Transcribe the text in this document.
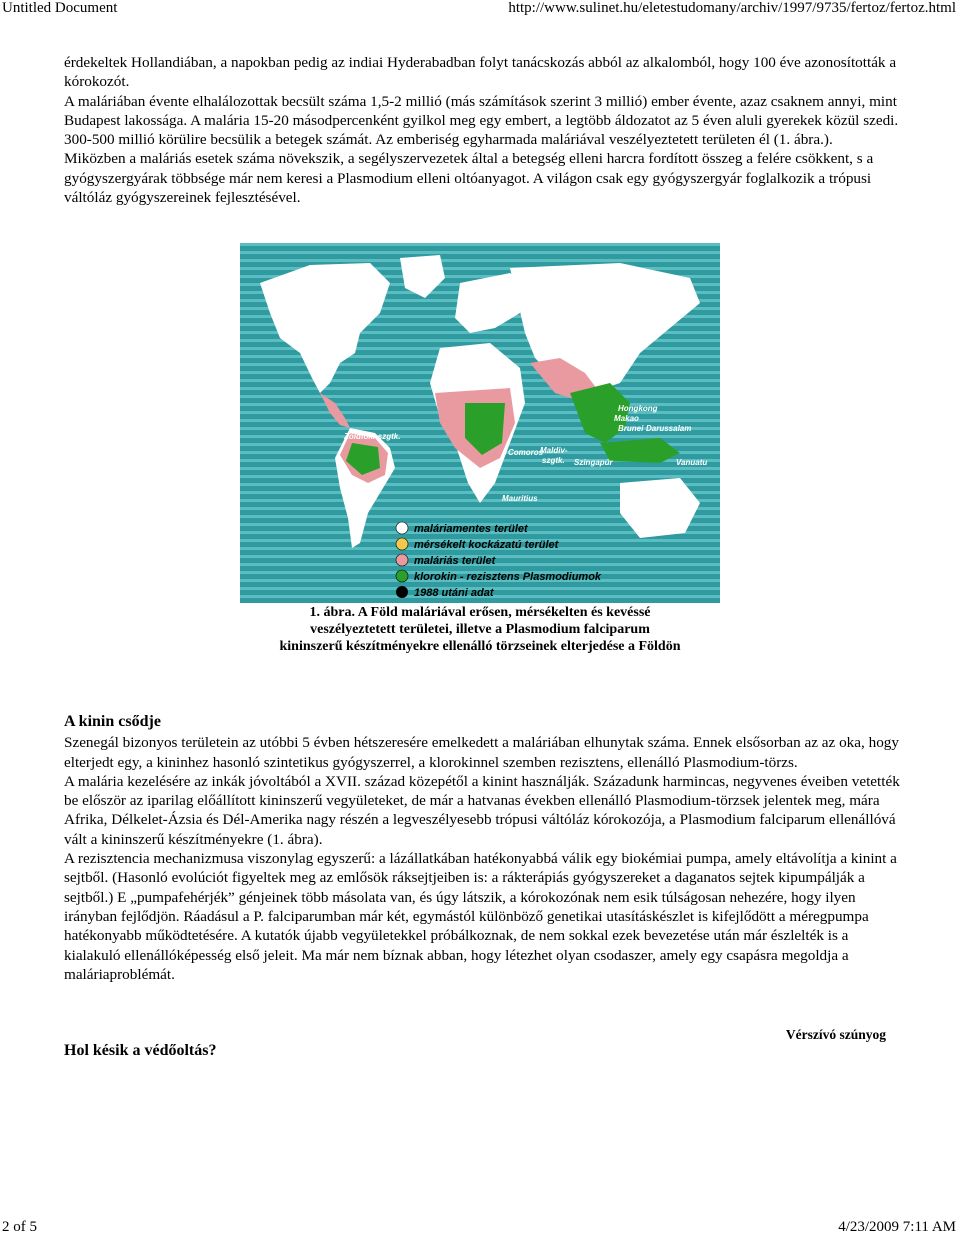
Untitled Document	http://www.sulinet.hu/eletestudomany/archiv/1997/9735/fertoz/fertoz.html

érdekeltek Hollandiában, a napokban pedig az indiai Hyderabadban folyt tanácskozás abból az alkalomból, hogy 100 éve azonosították a kórokozót.

A maláriában évente elhalálozottak becsült száma 1,5-2 millió (más számítások szerint 3 millió) ember évente, azaz csaknem annyi, mint Budapest lakossága. A malária 15-20 másodpercenként gyilkol meg egy embert, a legtöbb áldozatot az 5 éven aluli gyerekek közül szedi. 300-500 millió körülire becsülik a betegek számát. Az emberiség egyharmada maláriával veszélyeztetett területen él (1. ábra.).

Miközben a maláriás esetek száma növekszik, a segélyszervezetek által a betegség elleni harcra fordított összeg a felére csökkent, s a gyógyszergyárak többsége már nem keresi a Plasmodium elleni oltóanyagot. A világon csak egy gyógyszergyár foglalkozik a trópusi váltóláz gyógyszereinek fejlesztésével.

Hongkong
Makao
Brunei Darussalam
Zöldfoki-szgtk.
Comoros
Maldiv-
szgtk. Szingapúr	Vanuatu
Mauritius
maláriamentes terület
mérsékelt kockázatú terület
maláriás terület
klorokin - rezisztens Plasmodiumok
1988 utáni adat
1. ábra. A Föld maláriával erősen, mérsékelten és kevéssé
veszélyeztetett területei, illetve a Plasmodium falciparum
kininszerű készítményekre ellenálló törzseinek elterjedése a Földön
A kinin csődje

Szenegál bizonyos területein az utóbbi 5 évben hétszeresére emelkedett a maláriában elhunytak száma. Ennek elsősorban az az oka, hogy elterjedt egy, a kininhez hasonló szintetikus gyógyszerrel, a klorokinnel szemben rezisztens, ellenálló Plasmodium-törzs.

A malária kezelésére az inkák jóvoltából a XVII. század közepétől a kinint használják. Századunk harmincas, negyvenes éveiben vetették be először az iparilag előállított kininszerű vegyületeket, de már a hatvanas években ellenálló Plasmodium-törzsek jelentek meg, mára Afrika, Délkelet-Ázsia és Dél-Amerika nagy részén a legveszélyesebb trópusi váltóláz kórokozója, a Plasmodium falciparum ellenállóvá vált a kininszerű készítményekre (1. ábra).

A rezisztencia mechanizmusa viszonylag egyszerű: a lázállatkában hatékonyabbá válik egy biokémiai pumpa, amely eltávolítja a kinint a sejtből. (Hasonló evolúciót figyeltek meg az emlősök ráksejtjeiben is: a rákterápiás gyógyszereket a daganatos sejtek kipumpálják a sejtből.) E „pumpafehérjék” génjeinek több másolata van, és úgy látszik, a kórokozónak nem esik túlságosan nehezére, hogy ilyen irányban fejlődjön. Ráadásul a P. falciparumban már két, egymástól különböző genetikai utasításkészlet is kifejlődött a méregpumpa hatékonyabb működtetésére. A kutatók újabb vegyületekkel próbálkoznak, de nem sokkal ezek bevezetése után már észlelték is a kialakuló ellenállóképesség első jeleit. Ma már nem bíznak abban, hogy létezhet olyan csodaszer, amely egy csapásra megoldja a maláriaproblémát.

Vérszívó szúnyog
Hol késik a védőoltás?
2 of 5	4/23/2009 7:11 AM
